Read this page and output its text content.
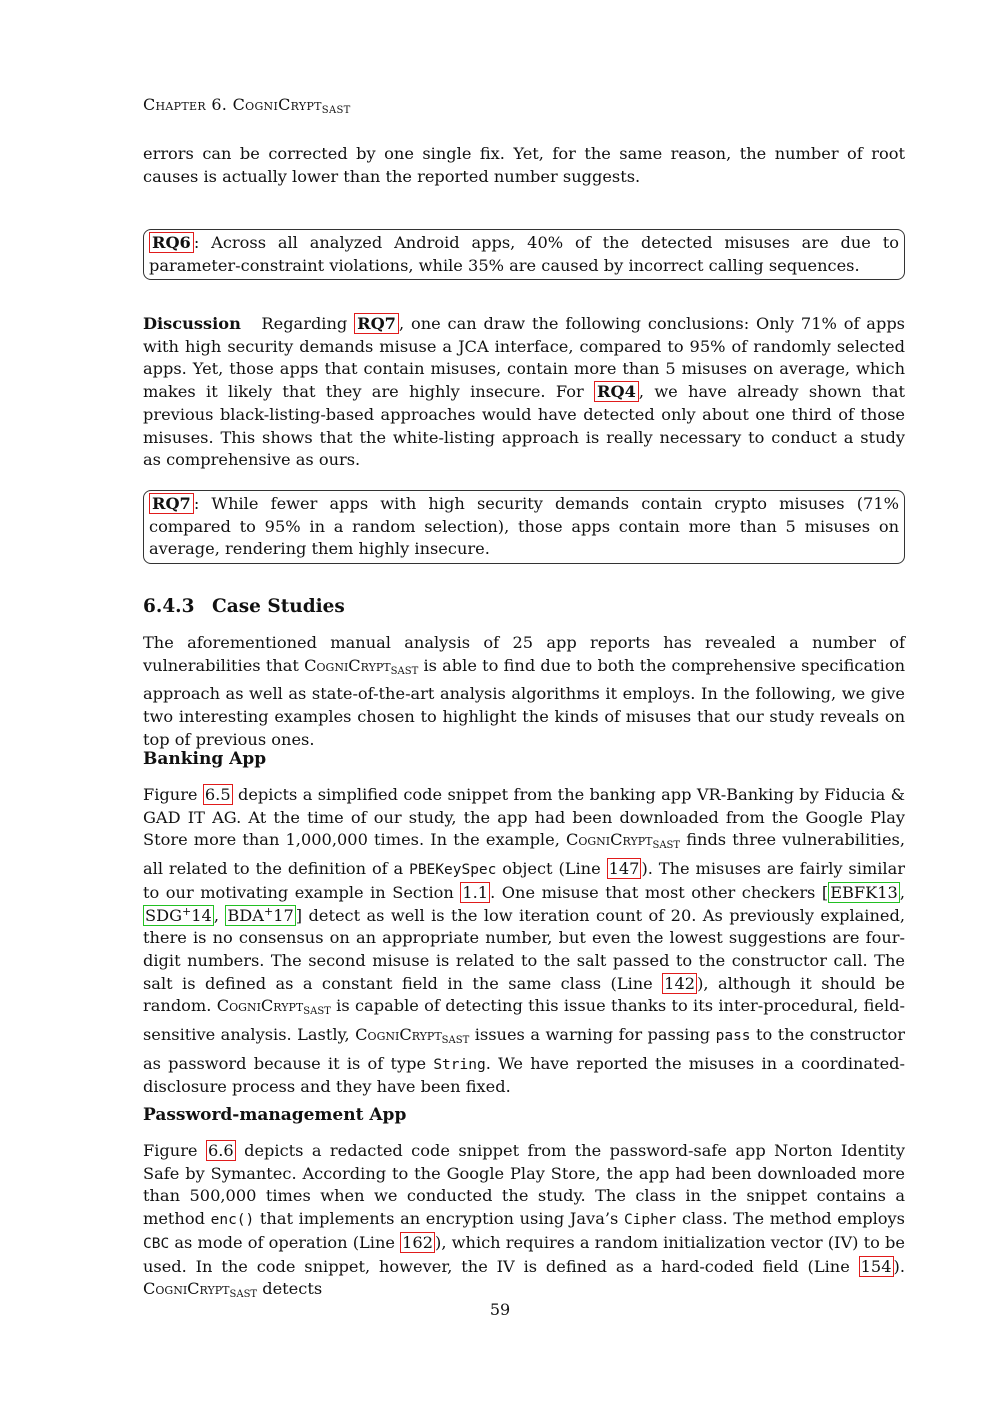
Chapter 6. CogniCrypt$_{SAST}$

errors can be corrected by one single fix. Yet, for the same reason, the number of root causes is actually lower than the reported number suggests.

RQ6 : Across all analyzed Android apps, 40% of the detected misuses are due to parameter-constraint violations, while 35% are caused by incorrect calling sequences.

Discussion Regarding RQ7 , one can draw the following conclusions: Only 71% of apps with high security demands misuse a JCA interface, compared to 95% of randomly selected apps. Yet, those apps that contain misuses, contain more than 5 misuses on average, which makes it likely that they are highly insecure. For RQ4 , we have already shown that previous black-listing-based approaches would have detected only about one third of those misuses. This shows that the white-listing approach is really necessary to conduct a study as comprehensive as ours.

RQ7 : While fewer apps with high security demands contain crypto misuses (71% compared to 95% in a random selection), those apps contain more than 5 misuses on average, rendering them highly insecure.
6.4.3 Case Studies

The aforementioned manual analysis of 25 app reports has revealed a number of vulnerabilities that CogniCrypt$_{SAST}$ is able to find due to both the comprehensive specification approach as well as state-of-the-art analysis algorithms it employs. In the following, we give two interesting examples chosen to highlight the kinds of misuses that our study reveals on top of previous ones.

Banking App

Figure 6.5 depicts a simplified code snippet from the banking app VR-Banking by Fiducia & GAD IT AG. At the time of our study, the app had been downloaded from the Google Play Store more than 1,000,000 times. In the example, CogniCrypt$_{SAST}$ finds three vulnerabilities, all related to the definition of a PBEKeySpec object (Line 147 ). The misuses are fairly similar to our motivating example in Section 1.1 . One misuse that most other checkers [ EBFK13 , SDG+14 , BDA+17 ] detect as well is the low iteration count of 20. As previously explained, there is no consensus on an appropriate number, but even the lowest suggestions are four-digit numbers. The second misuse is related to the salt passed to the constructor call. The salt is defined as a constant field in the same class (Line 142 ), although it should be random. CogniCrypt$_{SAST}$ is capable of detecting this issue thanks to its inter-procedural, field-sensitive analysis. Lastly, CogniCrypt$_{SAST}$ issues a warning for passing pass to the constructor as password because it is of type String. We have reported the misuses in a coordinated-disclosure process and they have been fixed.

Password-management App

Figure 6.6 depicts a redacted code snippet from the password-safe app Norton Identity Safe by Symantec. According to the Google Play Store, the app had been downloaded more than 500,000 times when we conducted the study. The class in the snippet contains a method enc() that implements an encryption using Java’s Cipher class. The method employs CBC as mode of operation (Line 162 ), which requires a random initialization vector (IV) to be used. In the code snippet, however, the IV is defined as a hard-coded field (Line 154 ). CogniCrypt$_{SAST}$ detects

59
